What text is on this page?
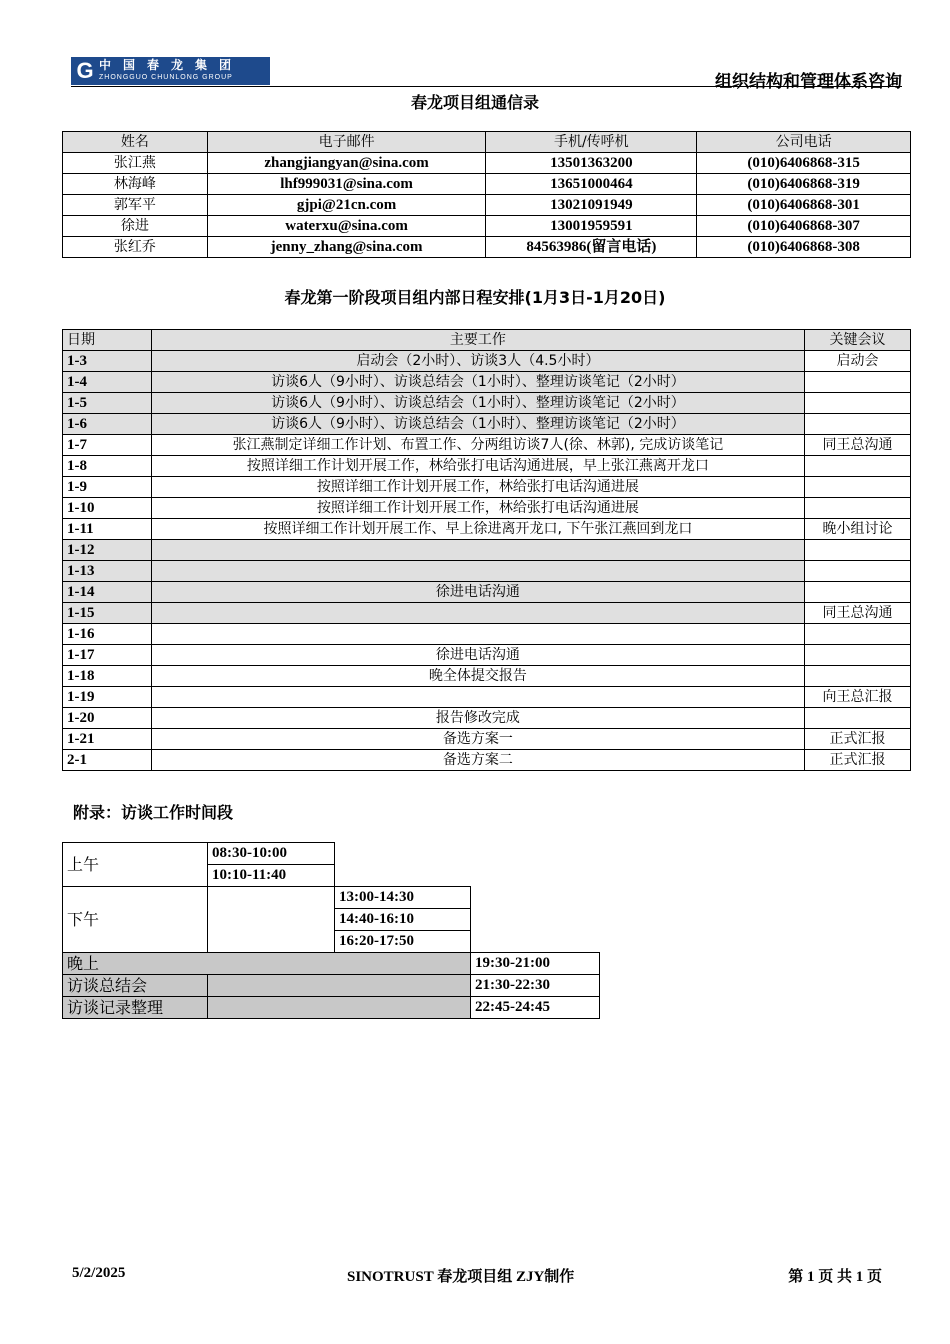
G 中国春龙集团
ZHONGGUO CHUNLONG GROUP	组织结构和管理体系咨询
春龙项目组通信录
姓名	电子邮件	手机/传呼机	公司电话
张江燕	zhangjiangyan@sina.com	13501363200	(010)6406868-315
林海峰	lhf999031@sina.com	13651000464	(010)6406868-319
郭军平	gjpi@21cn.com	13021091949	(010)6406868-301
徐进	waterxu@sina.com	13001959591	(010)6406868-307
张红乔	jenny_zhang@sina.com	84563986(留言电话)	(010)6406868-308
春龙第一阶段项目组内部日程安排(1月3日-1月20日)
日期	主要工作	关键会议
1-3	启动会（2小时）、访谈3人（4.5小时）	启动会
1-4	访谈6人（9小时）、访谈总结会（1小时）、整理访谈笔记（2小时）	
1-5	访谈6人（9小时）、访谈总结会（1小时）、整理访谈笔记（2小时）	
1-6	访谈6人（9小时）、访谈总结会（1小时）、整理访谈笔记（2小时）	
1-7	张江燕制定详细工作计划、布置工作、分两组访谈7人(徐、林郭), 完成访谈笔记	同王总沟通
1-8	按照详细工作计划开展工作，林给张打电话沟通进展，早上张江燕离开龙口	
1-9	按照详细工作计划开展工作，林给张打电话沟通进展	
1-10	按照详细工作计划开展工作，林给张打电话沟通进展	
1-11	按照详细工作计划开展工作、早上徐进离开龙口, 下午张江燕回到龙口	晚小组讨论
1-12		
1-13		
1-14	徐进电话沟通	
1-15		同王总沟通
1-16		
1-17	徐进电话沟通	
1-18	晚全体提交报告	
1-19		向王总汇报
1-20	报告修改完成	
1-21	备选方案一	正式汇报
2-1	备选方案二	正式汇报
附录：访谈工作时间段
上午	08:30-10:00		
	10:10-11:40		
下午		13:00-14:30	
		14:40-16:10	
		16:20-17:50	
晚上			19:30-21:00
访谈总结会			21:30-22:30
访谈记录整理			22:45-24:45
5/2/2025	SINOTRUST 春龙项目组 ZJY制作	第 1 页 共 1 页
